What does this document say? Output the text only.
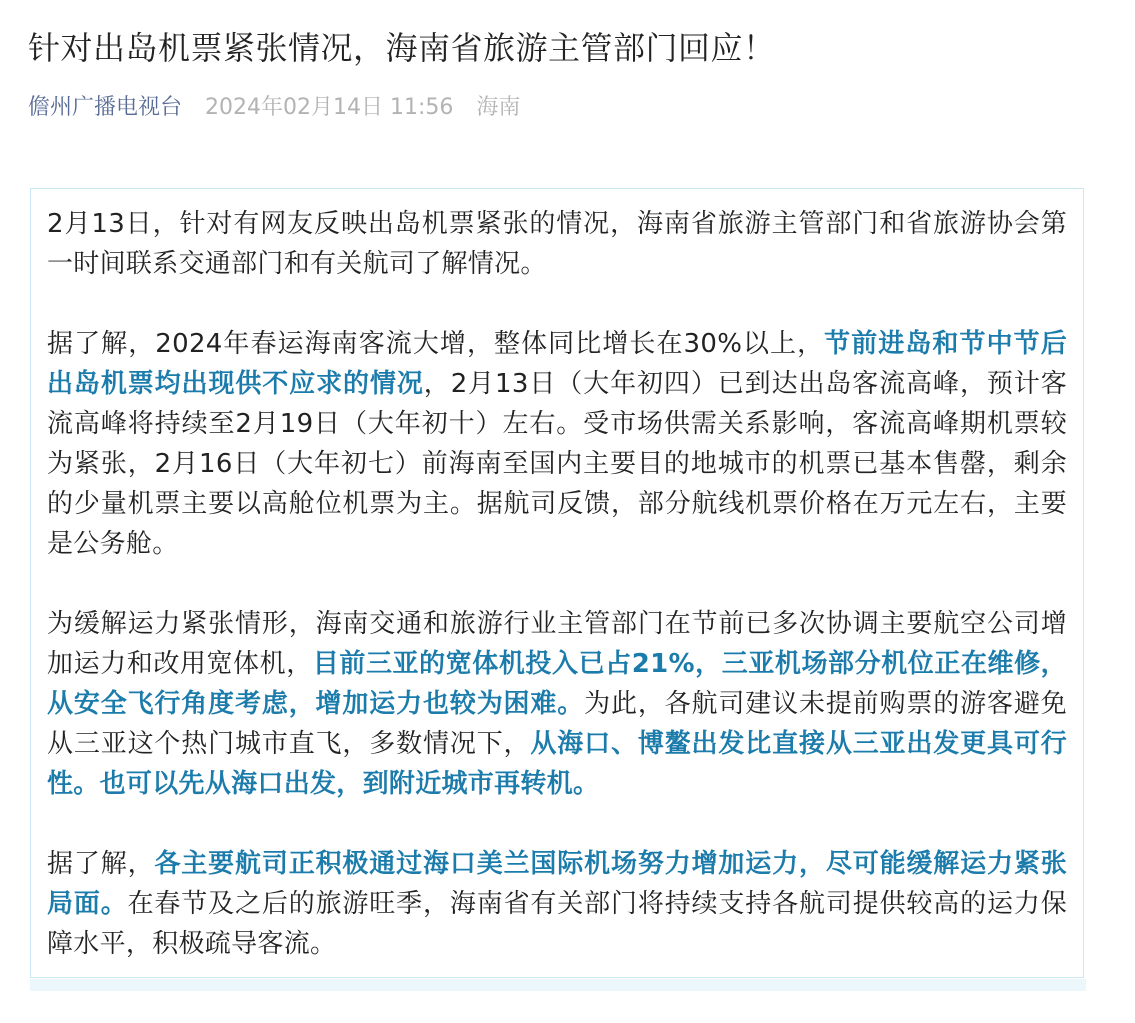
针对出岛机票紧张情况，海南省旅游主管部门回应！
儋州广播电视台 2024年02月14日 11:56 海南

2月13日，针对有网友反映出岛机票紧张的情况，海南省旅游主管部门和省旅游协会第一时间联系交通部门和有关航司了解情况。

据了解，2024年春运海南客流大增，整体同比增长在30%以上，节前进岛和节中节后出岛机票均出现供不应求的情况，2月13日（大年初四）已到达出岛客流高峰，预计客流高峰将持续至2月19日（大年初十）左右。受市场供需关系影响，客流高峰期机票较为紧张，2月16日（大年初七）前海南至国内主要目的地城市的机票已基本售罄，剩余的少量机票主要以高舱位机票为主。据航司反馈，部分航线机票价格在万元左右，主要是公务舱。

为缓解运力紧张情形，海南交通和旅游行业主管部门在节前已多次协调主要航空公司增加运力和改用宽体机，目前三亚的宽体机投入已占21%，三亚机场部分机位正在维修，从安全飞行角度考虑，增加运力也较为困难。为此，各航司建议未提前购票的游客避免从三亚这个热门城市直飞，多数情况下，从海口、博鳌出发比直接从三亚出发更具可行性。也可以先从海口出发，到附近城市再转机。

据了解，各主要航司正积极通过海口美兰国际机场努力增加运力，尽可能缓解运力紧张局面。在春节及之后的旅游旺季，海南省有关部门将持续支持各航司提供较高的运力保障水平，积极疏导客流。
